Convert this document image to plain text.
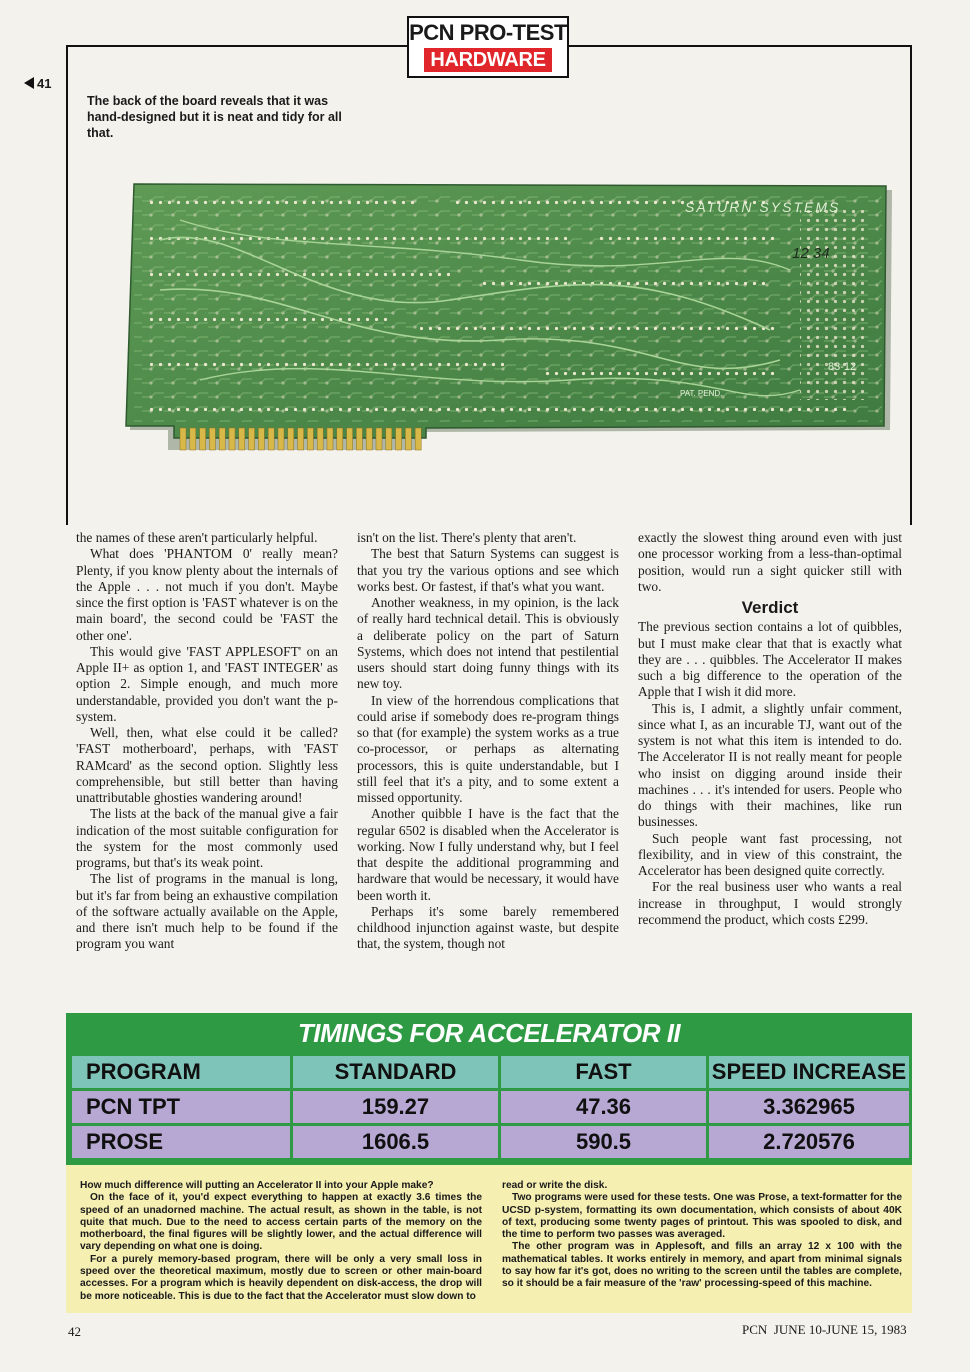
PCN PRO-TEST
HARDWARE
41
The back of the board reveals that it was hand-designed but it is neat and tidy for all that.
SATURN SYSTEMS
12 34
83-12
PAT. PEND.

the names of these aren't particularly helpful.

What does 'PHANTOM 0' really mean? Plenty, if you know plenty about the internals of the Apple . . . not much if you don't. Maybe since the first option is 'FAST whatever is on the main board', the second could be 'FAST the other one'.

This would give 'FAST APPLESOFT' on an Apple II+ as option 1, and 'FAST INTEGER' as option 2. Simple enough, and much more understandable, provided you don't want the p-system.

Well, then, what else could it be called? 'FAST motherboard', perhaps, with 'FAST RAMcard' as the second option. Slightly less comprehensible, but still better than having unattributable ghosties wandering around!

The lists at the back of the manual give a fair indication of the most suitable configuration for the system for the most commonly used programs, but that's its weak point.

The list of programs in the manual is long, but it's far from being an exhaustive compilation of the software actually available on the Apple, and there isn't much help to be found if the program you want

isn't on the list. There's plenty that aren't.

The best that Saturn Systems can suggest is that you try the various options and see which works best. Or fastest, if that's what you want.

Another weakness, in my opinion, is the lack of really hard technical detail. This is obviously a deliberate policy on the part of Saturn Systems, which does not intend that pestilential users should start doing funny things with its new toy.

In view of the horrendous complications that could arise if somebody does re-program things so that (for example) the system works as a true co-processor, or perhaps as alternating processors, this is quite understandable, but I still feel that it's a pity, and to some extent a missed opportunity.

Another quibble I have is the fact that the regular 6502 is disabled when the Accelerator is working. Now I fully understand why, but I feel that despite the additional programming and hardware that would be necessary, it would have been worth it.

Perhaps it's some barely remembered childhood injunction against waste, but despite that, the system, though not

exactly the slowest thing around even with just one processor working from a less-than-optimal position, would run a sight quicker still with two.

Verdict

The previous section contains a lot of quibbles, but I must make clear that that is exactly what they are . . . quibbles. The Accelerator II makes such a big difference to the operation of the Apple that I wish it did more.

This is, I admit, a slightly unfair comment, since what I, as an incurable TJ, want out of the system is not what this item is intended to do. The Accelerator II is not really meant for people who insist on digging around inside their machines . . . it's intended for users. People who do things with their machines, like run businesses.

Such people want fast processing, not flexibility, and in view of this constraint, the Accelerator has been designed quite correctly.

For the real business user who wants a real increase in throughput, I would strongly recommend the product, which costs £299.

TIMINGS FOR ACCELERATOR II
PROGRAM	STANDARD	FAST	SPEED INCREASE
PCN TPT	159.27	47.36	3.362965
PROSE	1606.5	590.5	2.720576

How much difference will putting an Accelerator II into your Apple make?

On the face of it, you'd expect everything to happen at exactly 3.6 times the speed of an unadorned machine. The actual result, as shown in the table, is not quite that much. Due to the need to access certain parts of the memory on the motherboard, the final figures will be slightly lower, and the actual difference will vary depending on what one is doing.

For a purely memory-based program, there will be only a very small loss in speed over the theoretical maximum, mostly due to screen or other main-board accesses. For a program which is heavily dependent on disk-access, the drop will be more noticeable. This is due to the fact that the Accelerator must slow down to

read or write the disk.

Two programs were used for these tests. One was Prose, a text-formatter for the UCSD p-system, formatting its own documentation, which consists of about 40K of text, producing some twenty pages of printout. This was spooled to disk, and the time to perform two passes was averaged.

The other program was in Applesoft, and fills an array 12 x 100 with the mathematical tables. It works entirely in memory, and apart from minimal signals to say how far it's got, does no writing to the screen until the tables are complete, so it should be a fair measure of the 'raw' processing-speed of this machine.

42	PCN JUNE 10-JUNE 15, 1983
